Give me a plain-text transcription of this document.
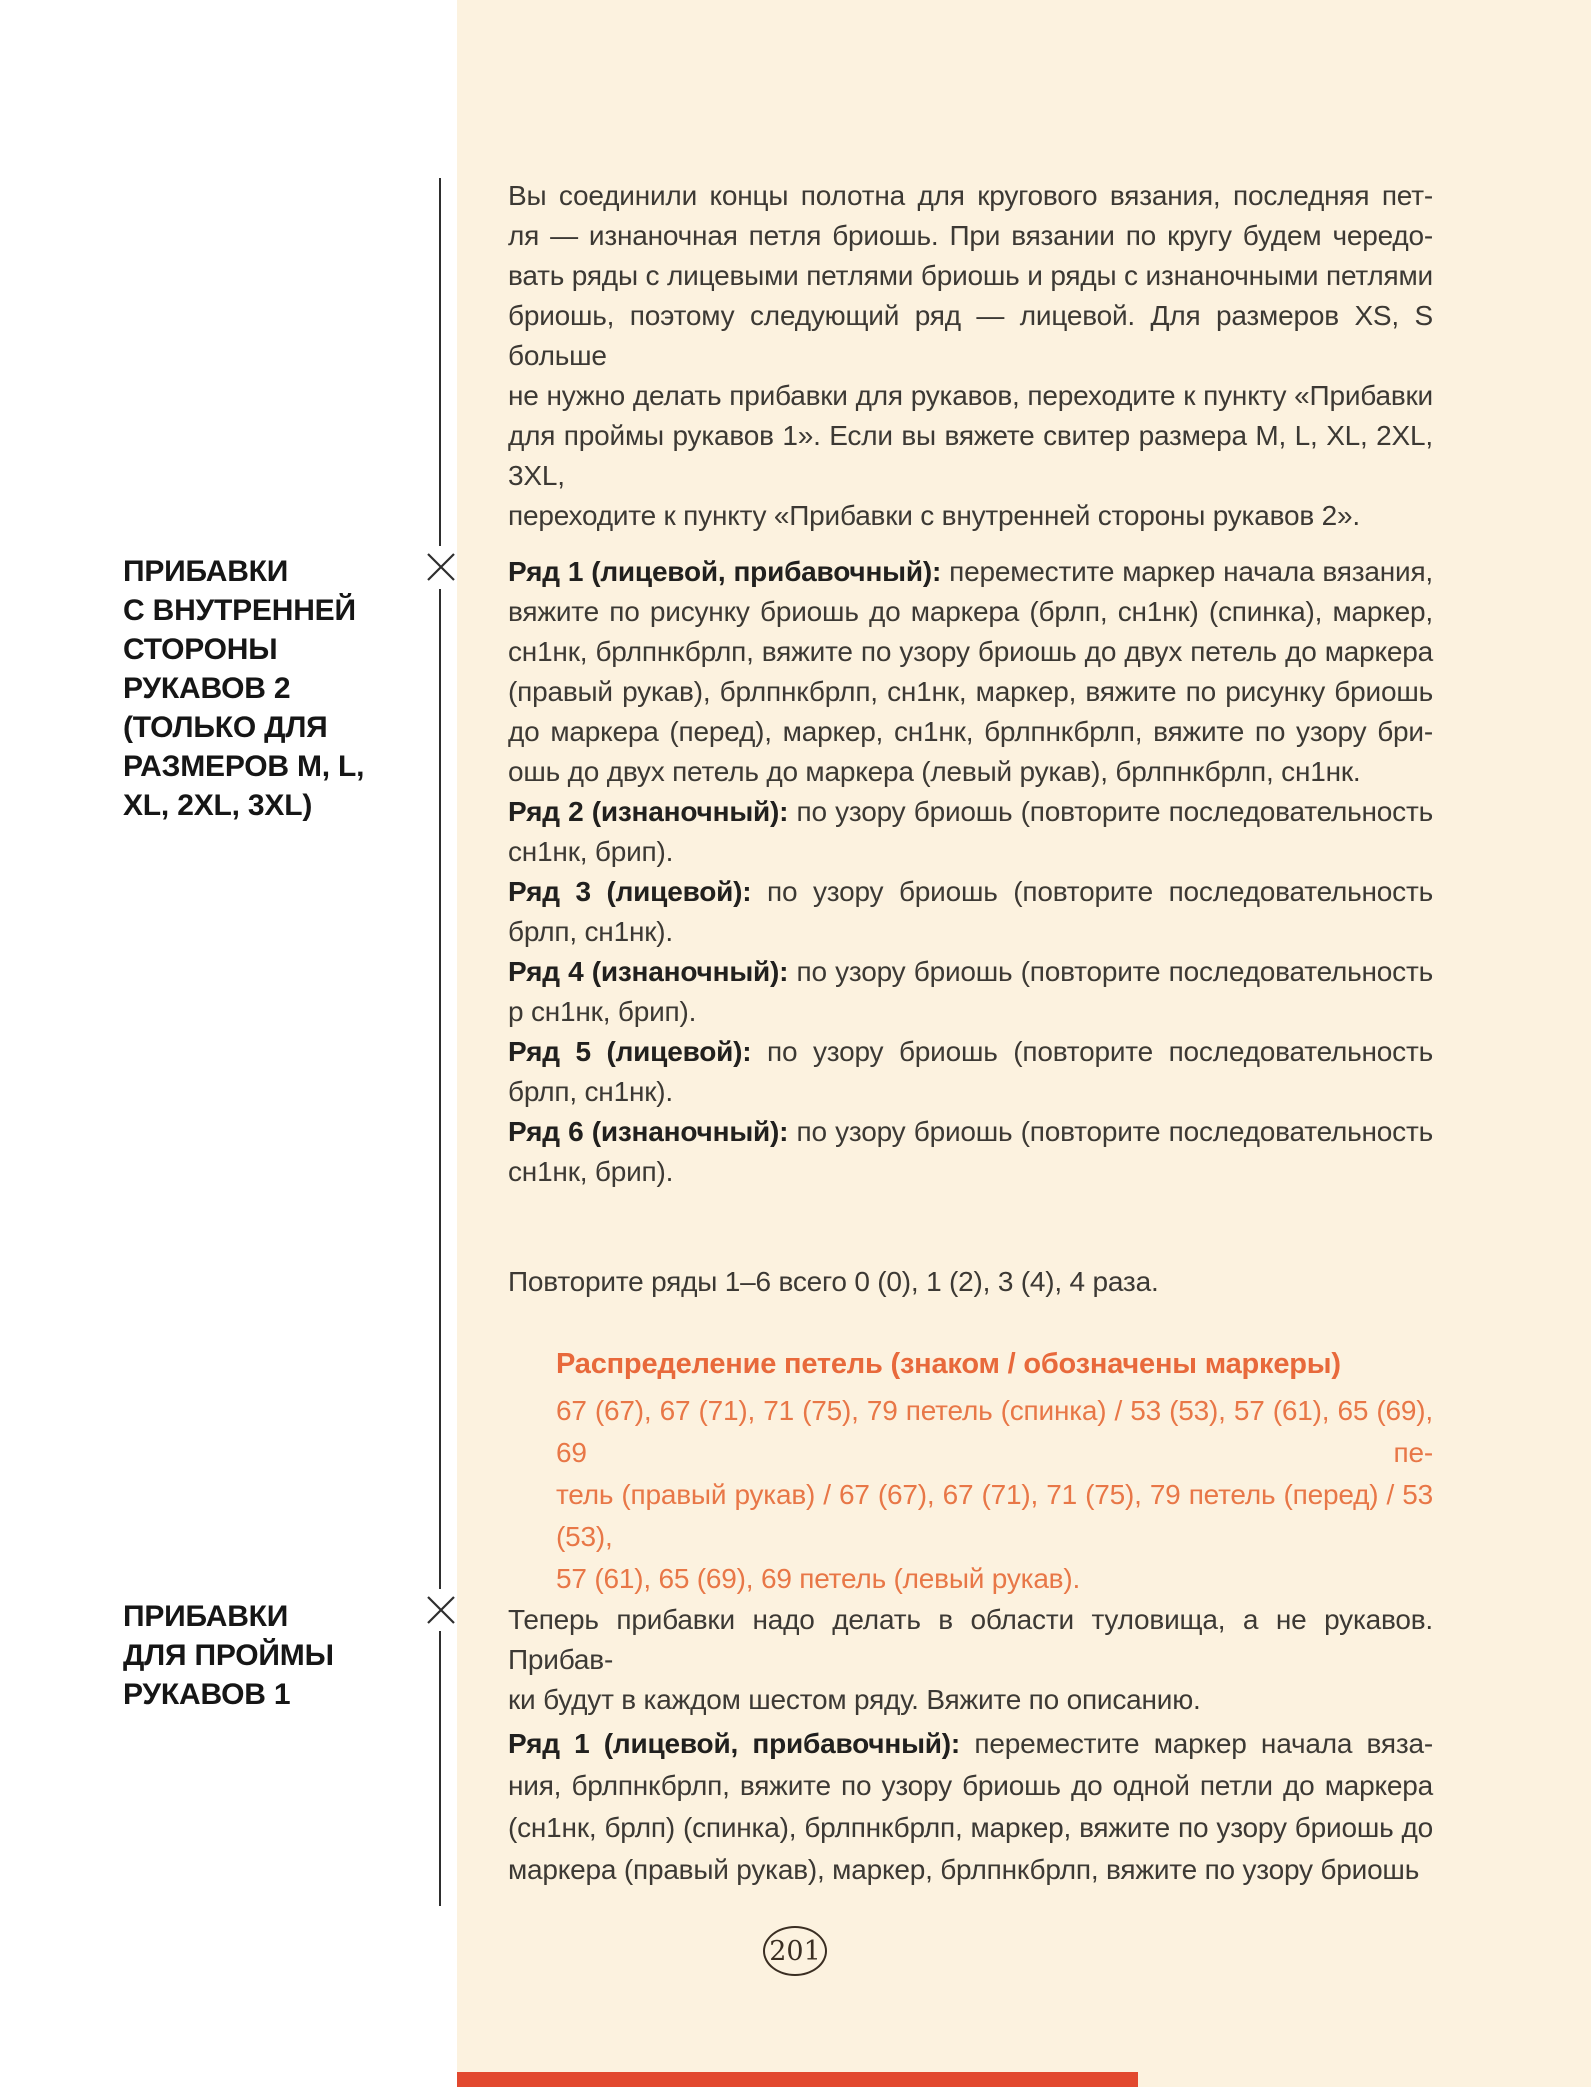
ПРИБАВКИ
С ВНУТРЕННЕЙ
СТОРОНЫ
РУКАВОВ 2
(ТОЛЬКО ДЛЯ
РАЗМЕРОВ M, L,
XL, 2XL, 3XL)
ПРИБАВКИ
ДЛЯ ПРОЙМЫ
РУКАВОВ 1
Вы соединили концы полотна для кругового вязания, последняя пет-
ля — изнаночная петля бриошь. При вязании по кругу будем чередо-
вать ряды с лицевыми петлями бриошь и ряды с изнаночными петлями
бриошь, поэтому следующий ряд — лицевой. Для размеров XS, S больше
не нужно делать прибавки для рукавов, переходите к пункту «Прибавки
для проймы рукавов 1». Если вы вяжете свитер размера M, L, XL, 2XL, 3XL,
переходите к пункту «Прибавки с внутренней стороны рукавов 2».
Ряд 1 (лицевой, прибавочный): переместите маркер начала вязания,
вяжите по рисунку бриошь до маркера (брлп, сн1нк) (спинка), маркер,
сн1нк, брлпнкбрлп, вяжите по узору бриошь до двух петель до маркера
(правый рукав), брлпнкбрлп, сн1нк, маркер, вяжите по рисунку бриошь
до маркера (перед), маркер, сн1нк, брлпнкбрлп, вяжите по узору бри-
ошь до двух петель до маркера (левый рукав), брлпнкбрлп, сн1нк.
Ряд 2 (изнаночный): по узору бриошь (повторите последовательность
сн1нк, брип).
Ряд 3 (лицевой): по узору бриошь (повторите последовательность
брлп, сн1нк).
Ряд 4 (изнаночный): по узору бриошь (повторите последовательность
р сн1нк, брип).
Ряд 5 (лицевой): по узору бриошь (повторите последовательность
брлп, сн1нк).
Ряд 6 (изнаночный): по узору бриошь (повторите последовательность
сн1нк, брип).
Повторите ряды 1–6 всего 0 (0), 1 (2), 3 (4), 4 раза.
Распределение петель (знаком / обозначены маркеры)
67 (67), 67 (71), 71 (75), 79 петель (спинка) / 53 (53), 57 (61), 65 (69), 69 пе-
тель (правый рукав) / 67 (67), 67 (71), 71 (75), 79 петель (перед) / 53 (53),
57 (61), 65 (69), 69 петель (левый рукав).
Теперь прибавки надо делать в области туловища, а не рукавов. Прибав-
ки будут в каждом шестом ряду. Вяжите по описанию.
Ряд 1 (лицевой, прибавочный): переместите маркер начала вяза-
ния, брлпнкбрлп, вяжите по узору бриошь до одной петли до маркера
(сн1нк, брлп) (спинка), брлпнкбрлп, маркер, вяжите по узору бриошь до
маркера (правый рукав), маркер, брлпнкбрлп, вяжите по узору бриошь
201
